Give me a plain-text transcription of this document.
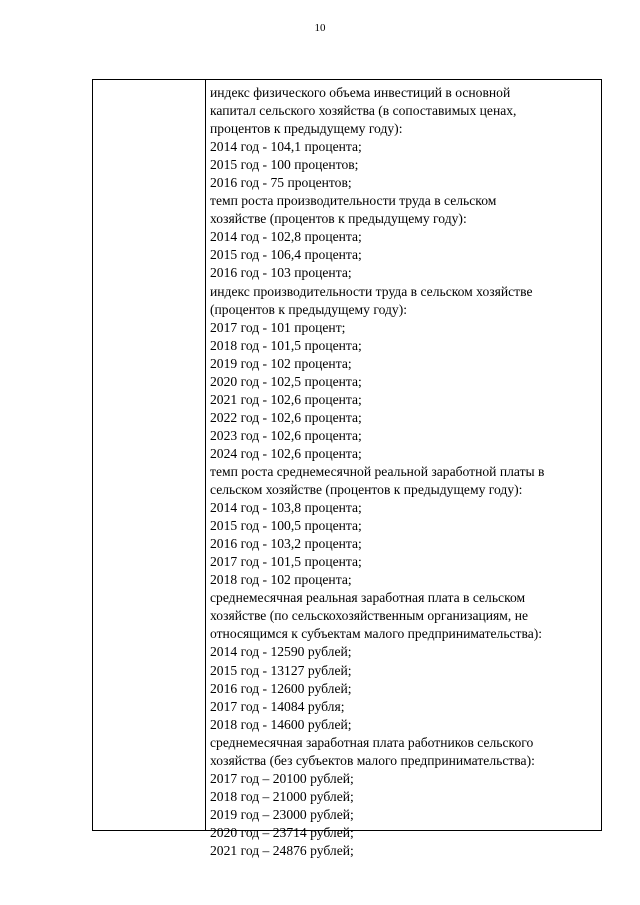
10
индекс физического объема инвестиций в основной
капитал сельского хозяйства (в сопоставимых ценах,
процентов к предыдущему году):
2014 год - 104,1 процента;
2015 год - 100 процентов;
2016 год - 75 процентов;
темп роста производительности труда в сельском
хозяйстве (процентов к предыдущему году):
2014 год - 102,8 процента;
2015 год - 106,4 процента;
2016 год - 103 процента;
индекс производительности труда в сельском хозяйстве
(процентов к предыдущему году):
2017 год - 101 процент;
2018 год - 101,5 процента;
2019 год - 102 процента;
2020 год - 102,5 процента;
2021 год - 102,6 процента;
2022 год - 102,6 процента;
2023 год - 102,6 процента;
2024 год - 102,6 процента;
темп роста среднемесячной реальной заработной платы в
сельском хозяйстве (процентов к предыдущему году):
2014 год - 103,8 процента;
2015 год - 100,5 процента;
2016 год - 103,2 процента;
2017 год - 101,5 процента;
2018 год - 102 процента;
среднемесячная реальная заработная плата в сельском
хозяйстве (по сельскохозяйственным организациям, не
относящимся к субъектам малого предпринимательства):
2014 год - 12590 рублей;
2015 год - 13127 рублей;
2016 год - 12600 рублей;
2017 год - 14084 рубля;
2018 год - 14600 рублей;
среднемесячная заработная плата работников сельского
хозяйства (без субъектов малого предпринимательства):
2017 год – 20100 рублей;
2018 год – 21000 рублей;
2019 год – 23000 рублей;
2020 год – 23714 рублей;
2021 год – 24876 рублей;
